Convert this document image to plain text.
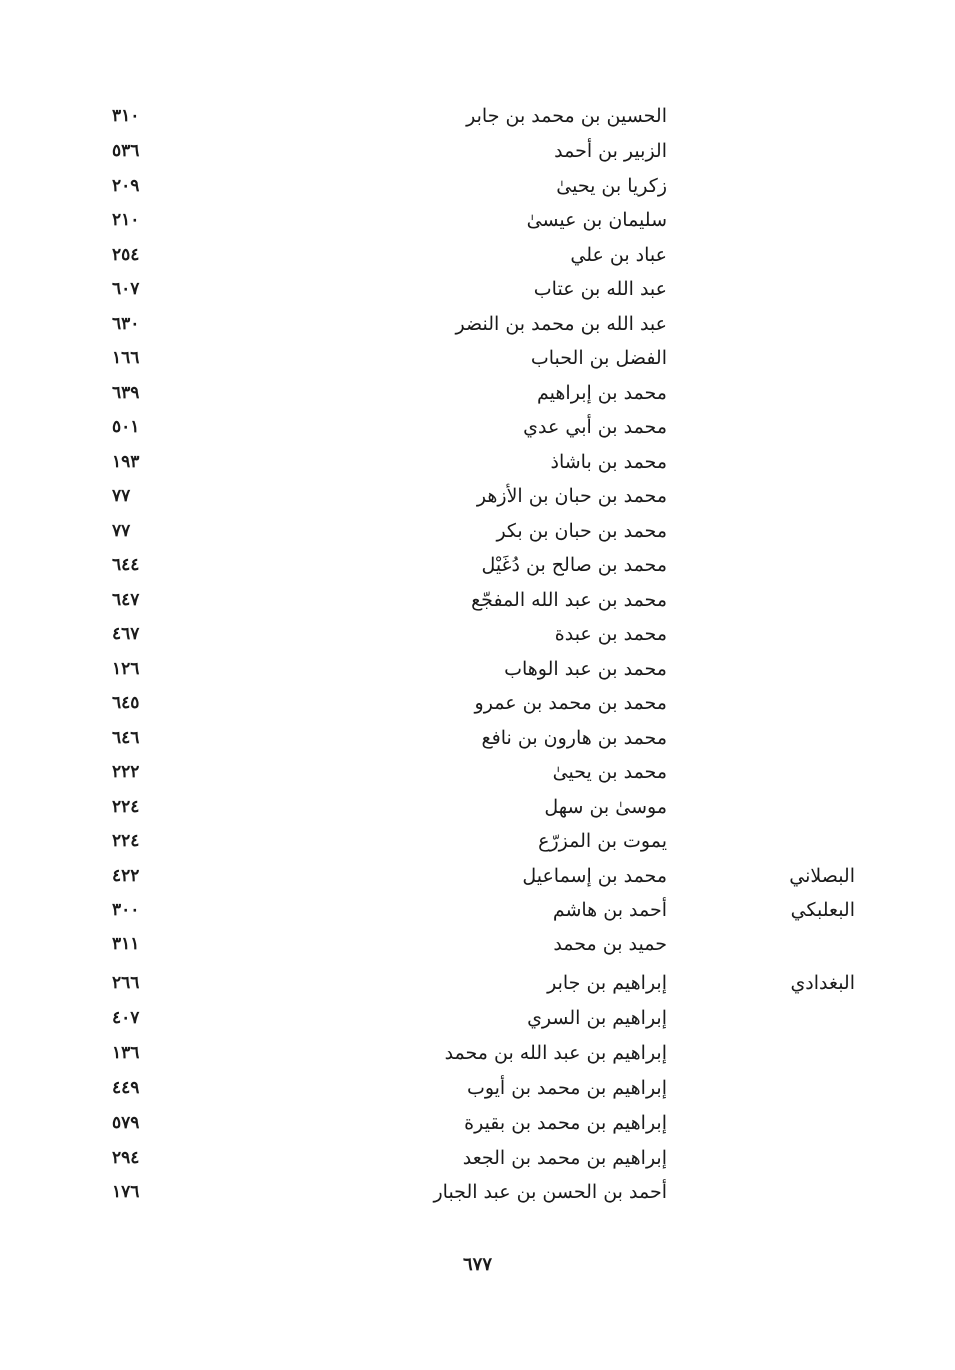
الحسين بن محمد بن جابر
٣١٠
الزبير بن أحمد
٥٣٦
زكريا بن يحيىٰ
٢٠٩
سليمان بن عيسىٰ
٢١٠
عباد بن علي
٢٥٤
عبد الله بن عتاب
٦٠٧
عبد الله بن محمد بن النضر
٦٣٠
الفضل بن الحباب
١٦٦
محمد بن إبراهيم
٦٣٩
محمد بن أبي عدي
٥٠١
محمد بن باشاذ
١٩٣
محمد بن حبان بن الأزهر
٧٧
محمد بن حبان بن بكر
٧٧
محمد بن صالح بن دُغَيْل
٦٤٤
محمد بن عبد الله المفجّع
٦٤٧
محمد بن عبدة
٤٦٧
محمد بن عبد الوهاب
١٢٦
محمد بن محمد بن عمرو
٦٤٥
محمد بن هارون بن نافع
٦٤٦
محمد بن يحيىٰ
٢٢٢
موسىٰ بن سهل
٢٢٤
يموت بن المزرّع
٢٢٤
البصلاني
محمد بن إسماعيل
٤٢٢
البعلبكي
أحمد بن هاشم
٣٠٠
حميد بن محمد
٣١١
البغدادي
إبراهيم بن جابر
٢٦٦
إبراهيم بن السري
٤٠٧
إبراهيم بن عبد الله بن محمد
١٣٦
إبراهيم بن محمد بن أيوب
٤٤٩
إبراهيم بن محمد بن بقيرة
٥٧٩
إبراهيم بن محمد بن الجعد
٢٩٤
أحمد بن الحسن بن عبد الجبار
١٧٦
٦٧٧
